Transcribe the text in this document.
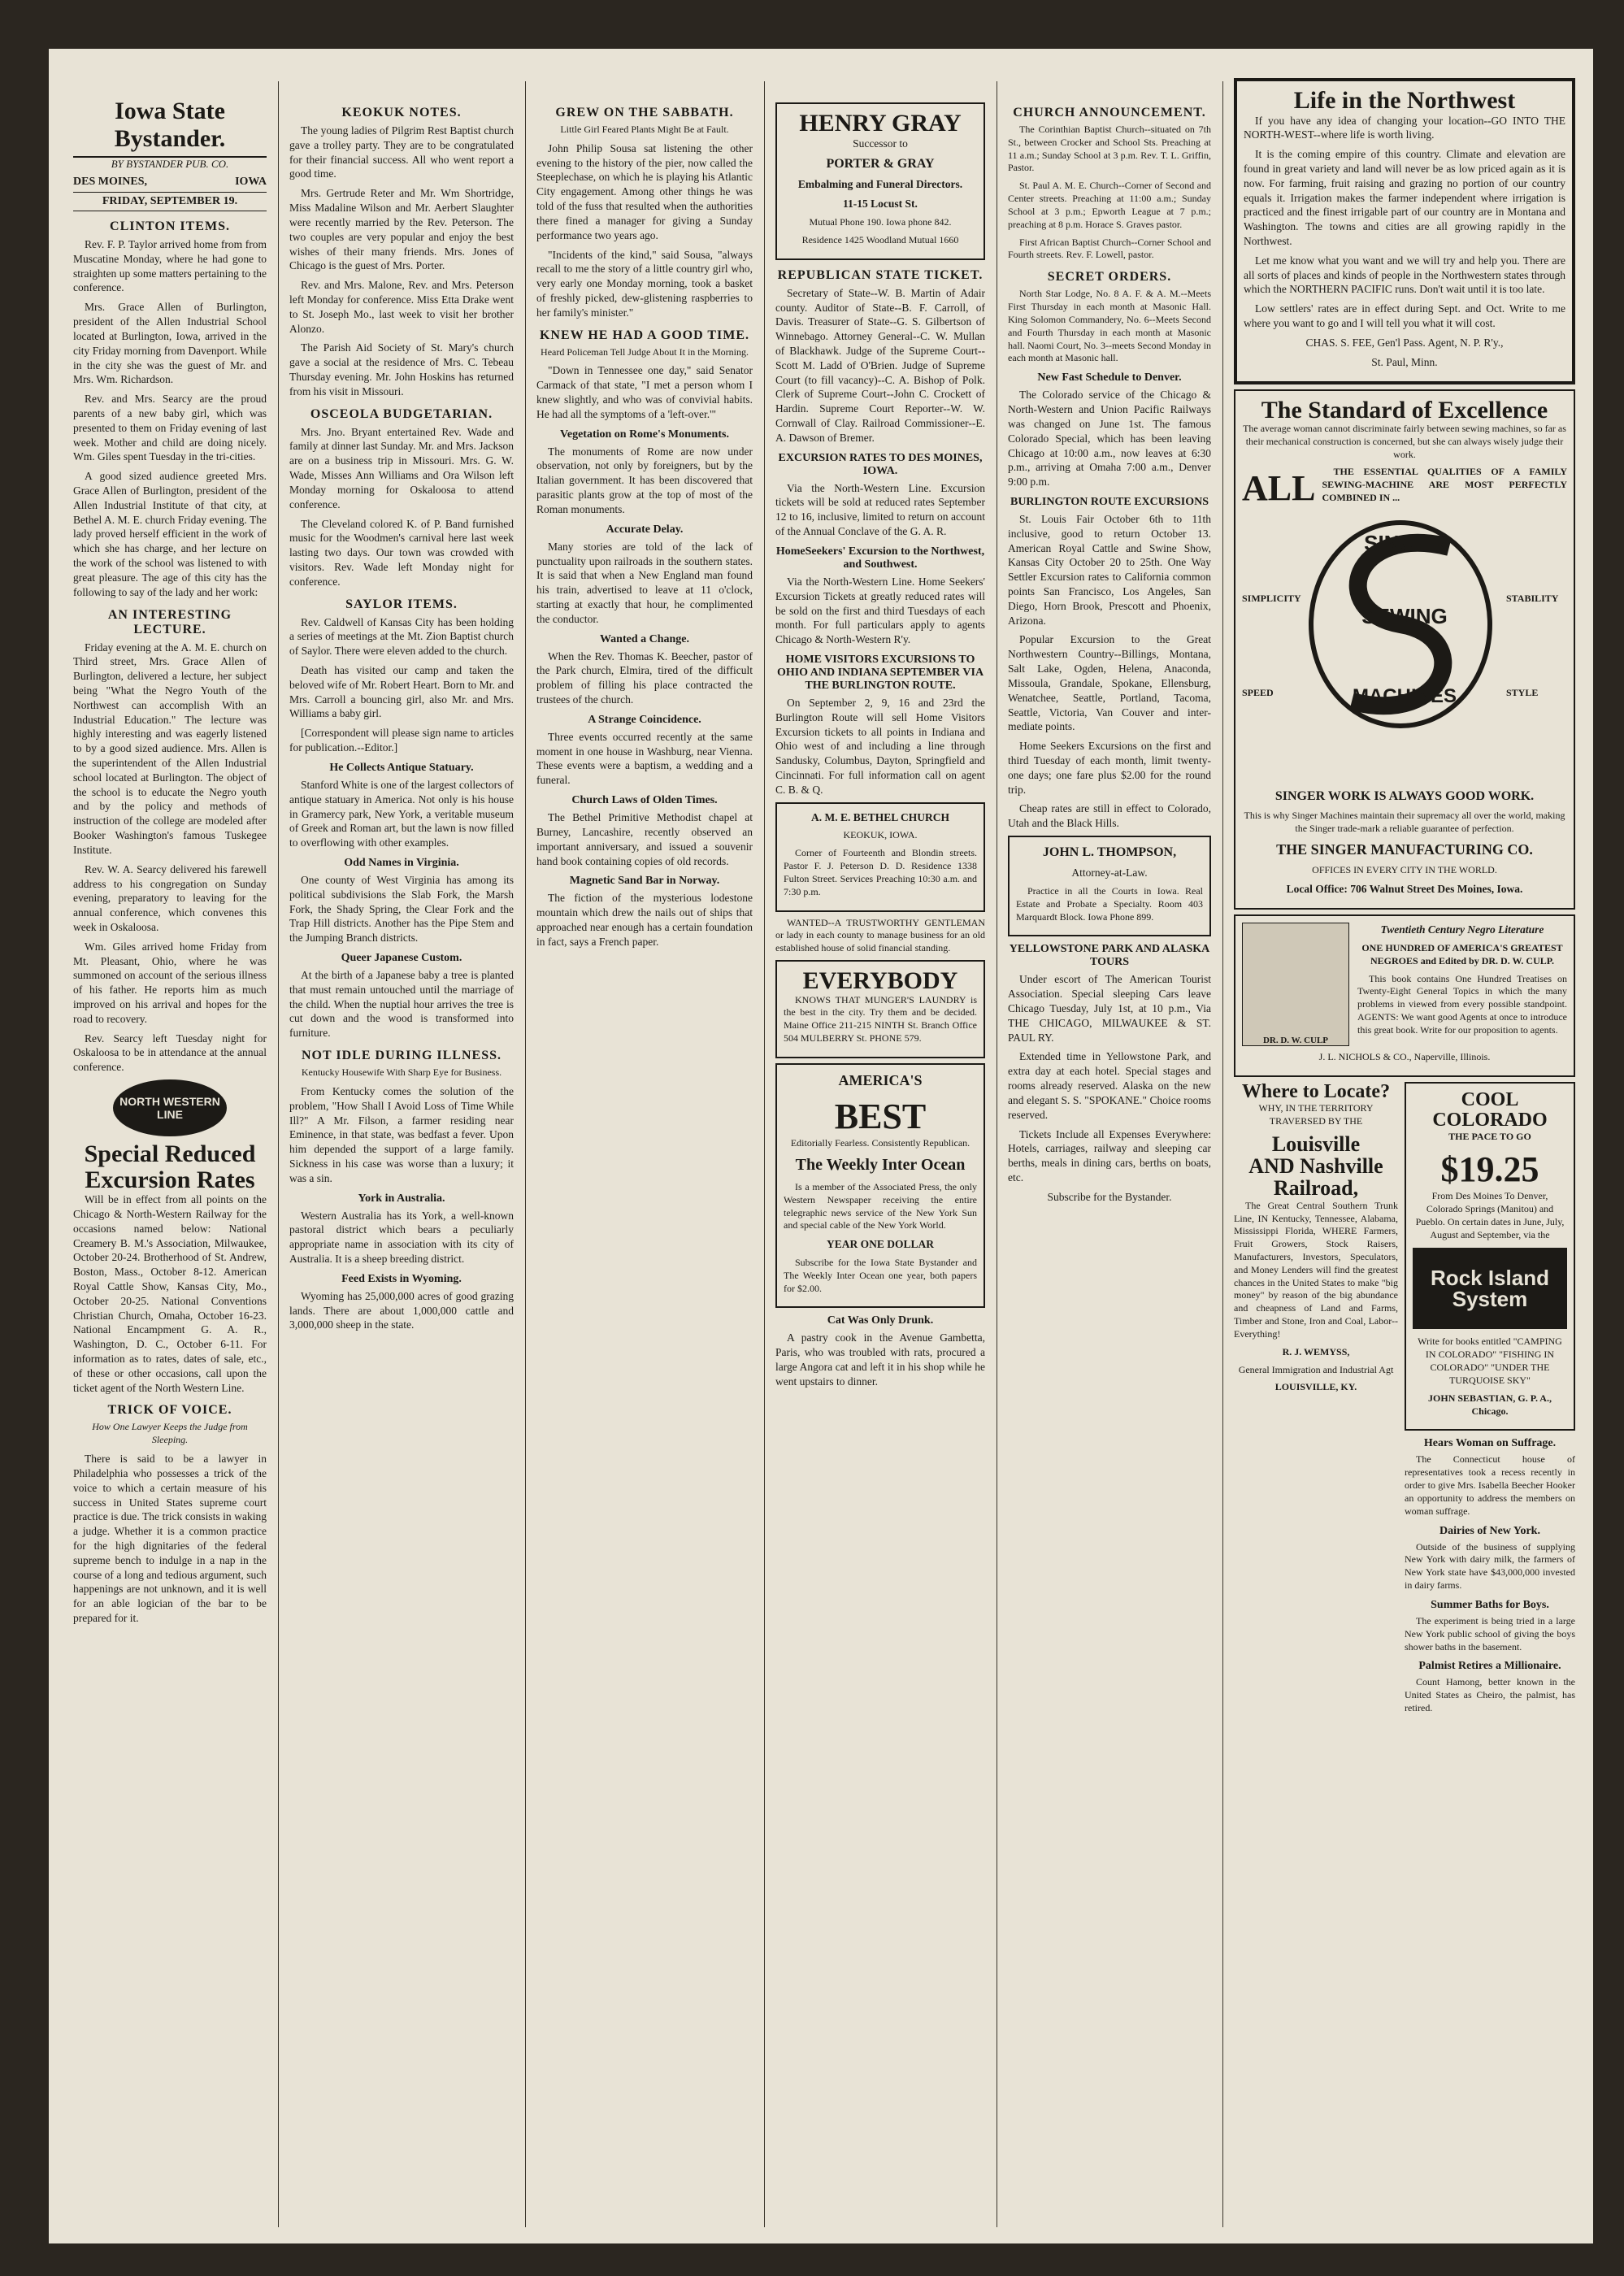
Iowa State Bystander.
BY BYSTANDER PUB. CO.
DES MOINES,	IOWA
FRIDAY, SEPTEMBER 19.
CLINTON ITEMS.

Rev. F. P. Taylor arrived home from from Muscatine Monday, where he had gone to straighten up some matters pertaining to the conference.

Mrs. Grace Allen of Burlington, president of the Allen Industrial School located at Burlington, Iowa, arrived in the city Friday morning from Davenport. While in the city she was the guest of Mr. and Mrs. Wm. Richardson.

Rev. and Mrs. Searcy are the proud parents of a new baby girl, which was presented to them on Friday evening of last week. Mother and child are doing nicely. Wm. Giles spent Tuesday in the tri-cities.

A good sized audience greeted Mrs. Grace Allen of Burlington, president of the Allen Industrial Institute of that city, at Bethel A. M. E. church Friday evening. The lady proved herself efficient in the work of which she has charge, and her lecture on the work of the school was listened to with great pleasure. The age of this city has the following to say of the lady and her work:

AN INTERESTING LECTURE.

Friday evening at the A. M. E. church on Third street, Mrs. Grace Allen of Burlington, delivered a lecture, her subject being "What the Negro Youth of the Northwest can accomplish With an Industrial Education." The lecture was highly interesting and was eagerly listened to by a good sized audience. Mrs. Allen is the superintendent of the Allen Industrial school located at Burlington. The object of the school is to educate the Negro youth and by the policy and methods of instruction of the college are modeled after Booker Washington's famous Tuskegee Institute.

Rev. W. A. Searcy delivered his farewell address to his congregation on Sunday evening, preparatory to leaving for the annual conference, which convenes this week in Oskaloosa.

Wm. Giles arrived home Friday from Mt. Pleasant, Ohio, where he was summoned on account of the serious illness of his father. He reports him as much improved on his arrival and hopes for the road to recovery.

Rev. Searcy left Tuesday night for Oskaloosa to be in attendance at the annual conference.

NORTH WESTERN LINE
Special Reduced Excursion Rates

Will be in effect from all points on the Chicago & North-Western Railway for the occasions named below: National Creamery B. M.'s Association, Milwaukee, October 20-24. Brotherhood of St. Andrew, Boston, Mass., October 8-12. American Royal Cattle Show, Kansas City, Mo., October 20-25. National Conventions Christian Church, Omaha, October 16-23. National Encampment G. A. R., Washington, D. C., October 6-11. For information as to rates, dates of sale, etc., of these or other occasions, call upon the ticket agent of the North Western Line.

TRICK OF VOICE.

How One Lawyer Keeps the Judge from Sleeping.

There is said to be a lawyer in Philadelphia who possesses a trick of the voice to which a certain measure of his success in United States supreme court practice is due. The trick consists in waking a judge. Whether it is a common practice for the high dignitaries of the federal supreme bench to indulge in a nap in the course of a long and tedious argument, such happenings are not unknown, and it is well for an able logician of the bar to be prepared for it.

KEOKUK NOTES.

The young ladies of Pilgrim Rest Baptist church gave a trolley party. They are to be congratulated for their financial success. All who went report a good time.

Mrs. Gertrude Reter and Mr. Wm Shortridge, Miss Madaline Wilson and Mr. Aerbert Slaughter were recently married by the Rev. Peterson. The two couples are very popular and enjoy the best wishes of their many friends. Mrs. Jones of Chicago is the guest of Mrs. Porter.

Rev. and Mrs. Malone, Rev. and Mrs. Peterson left Monday for conference. Miss Etta Drake went to St. Joseph Mo., last week to visit her brother Alonzo.

The Parish Aid Society of St. Mary's church gave a social at the residence of Mrs. C. Tebeau Thursday evening. Mr. John Hoskins has returned from his visit in Missouri.

OSCEOLA BUDGETARIAN.

Mrs. Jno. Bryant entertained Rev. Wade and family at dinner last Sunday. Mr. and Mrs. Jackson are on a business trip in Missouri. Mrs. G. W. Wade, Misses Ann Williams and Ora Wilson left Monday morning for Oskaloosa to attend conference.

The Cleveland colored K. of P. Band furnished music for the Woodmen's carnival here last week lasting two days. Our town was crowded with visitors. Rev. Wade left Monday night for conference.

SAYLOR ITEMS.

Rev. Caldwell of Kansas City has been holding a series of meetings at the Mt. Zion Baptist church of Saylor. There were eleven added to the church.

Death has visited our camp and taken the beloved wife of Mr. Robert Heart. Born to Mr. and Mrs. Carroll a bouncing girl, also Mr. and Mrs. Williams a baby girl.

[Correspondent will please sign name to articles for publication.--Editor.]

He Collects Antique Statuary.

Stanford White is one of the largest collectors of antique statuary in America. Not only is his house in Gramercy park, New York, a veritable museum of Greek and Roman art, but the lawn is now filled to overflowing with other examples.

Odd Names in Virginia.

One county of West Virginia has among its political subdivisions the Slab Fork, the Marsh Fork, the Shady Spring, the Clear Fork and the Trap Hill districts. Another has the Pipe Stem and the Jumping Branch districts.

Queer Japanese Custom.

At the birth of a Japanese baby a tree is planted that must remain untouched until the marriage of the child. When the nuptial hour arrives the tree is cut down and the wood is transformed into furniture.

NOT IDLE DURING ILLNESS.

Kentucky Housewife With Sharp Eye for Business.

From Kentucky comes the solution of the problem, "How Shall I Avoid Loss of Time While Ill?" A Mr. Filson, a farmer residing near Eminence, in that state, was bedfast a fever. Upon him depended the support of a large family. Sickness in his case was worse than a luxury; it was a sin.

York in Australia.

Western Australia has its York, a well-known pastoral district which bears a peculiarly appropriate name in association with its city of Australia. It is a sheep breeding district.

Feed Exists in Wyoming.

Wyoming has 25,000,000 acres of good grazing lands. There are about 1,000,000 cattle and 3,000,000 sheep in the state.

GREW ON THE SABBATH.

Little Girl Feared Plants Might Be at Fault.

John Philip Sousa sat listening the other evening to the history of the pier, now called the Steeplechase, on which he is playing his Atlantic City engagement. Among other things he was told of the fuss that resulted when the authorities there fined a manager for giving a Sunday performance two years ago.

"Incidents of the kind," said Sousa, "always recall to me the story of a little country girl who, very early one Monday morning, took a basket of freshly picked, dew-glistening raspberries to her family's minister."

KNEW HE HAD A GOOD TIME.

Heard Policeman Tell Judge About It in the Morning.

"Down in Tennessee one day," said Senator Carmack of that state, "I met a person whom I knew slightly, and who was of convivial habits. He had all the symptoms of a 'left-over.'"

Vegetation on Rome's Monuments.

The monuments of Rome are now under observation, not only by foreigners, but by the Italian government. It has been discovered that parasitic plants grow at the top of most of the Roman monuments.

Accurate Delay.

Many stories are told of the lack of punctuality upon railroads in the southern states. It is said that when a New England man found his train, advertised to leave at 11 o'clock, starting at exactly that hour, he complimented the conductor.

Wanted a Change.

When the Rev. Thomas K. Beecher, pastor of the Park church, Elmira, tired of the difficult problem of filling his place contracted the trustees of the church.

A Strange Coincidence.

Three events occurred recently at the same moment in one house in Washburg, near Vienna. These events were a baptism, a wedding and a funeral.

Church Laws of Olden Times.

The Bethel Primitive Methodist chapel at Burney, Lancashire, recently observed an important anniversary, and issued a souvenir hand book containing copies of old records.

Magnetic Sand Bar in Norway.

The fiction of the mysterious lodestone mountain which drew the nails out of ships that approached near enough has a certain foundation in fact, says a French paper.

HENRY GRAY

Successor to

PORTER & GRAY

Embalming and Funeral Directors.

11-15 Locust St.

Mutual Phone 190. Iowa phone 842.

Residence 1425 Woodland Mutual 1660

REPUBLICAN STATE TICKET.

Secretary of State--W. B. Martin of Adair county. Auditor of State--B. F. Carroll, of Davis. Treasurer of State--G. S. Gilbertson of Winnebago. Attorney General--C. W. Mullan of Blackhawk. Judge of the Supreme Court--Scott M. Ladd of O'Brien. Judge of Supreme Court (to fill vacancy)--C. A. Bishop of Polk. Clerk of Supreme Court--John C. Crockett of Hardin. Supreme Court Reporter--W. W. Cornwall of Clay. Railroad Commissioner--E. A. Dawson of Bremer.

EXCURSION RATES TO DES MOINES, IOWA.

Via the North-Western Line. Excursion tickets will be sold at reduced rates September 12 to 16, inclusive, limited to return on account of the Annual Conclave of the G. A. R.

HomeSeekers' Excursion to the Northwest, and Southwest.

Via the North-Western Line. Home Seekers' Excursion Tickets at greatly reduced rates will be sold on the first and third Tuesdays of each month. For full particulars apply to agents Chicago & North-Western R'y.

HOME VISITORS EXCURSIONS TO OHIO AND INDIANA SEPTEMBER VIA THE BURLINGTON ROUTE.

On September 2, 9, 16 and 23rd the Burlington Route will sell Home Visitors Excursion tickets to all points in Indiana and Ohio west of and including a line through Sandusky, Columbus, Dayton, Springfield and Cincinnati. For full information call on agent C. B. & Q.

A. M. E. BETHEL CHURCH

KEOKUK, IOWA.

Corner of Fourteenth and Blondin streets. Pastor F. J. Peterson D. D. Residence 1338 Fulton Street. Services Preaching 10:30 a.m. and 7:30 p.m.

WANTED--A TRUSTWORTHY GENTLEMAN or lady in each county to manage business for an old established house of solid financial standing.

EVERYBODY

KNOWS THAT MUNGER'S LAUNDRY is the best in the city. Try them and be decided. Maine Office 211-215 NINTH St. Branch Office 504 MULBERRY St. PHONE 579.

AMERICA'S

BEST

Editorially Fearless. Consistently Republican.

The Weekly Inter Ocean

Is a member of the Associated Press, the only Western Newspaper receiving the entire telegraphic news service of the New York Sun and special cable of the New York World.

YEAR ONE DOLLAR

Subscribe for the Iowa State Bystander and The Weekly Inter Ocean one year, both papers for $2.00.

Cat Was Only Drunk.

A pastry cook in the Avenue Gambetta, Paris, who was troubled with rats, procured a large Angora cat and left it in his shop while he went upstairs to dinner.

CHURCH ANNOUNCEMENT.

The Corinthian Baptist Church--situated on 7th St., between Crocker and School Sts. Preaching at 11 a.m.; Sunday School at 3 p.m. Rev. T. L. Griffin, Pastor.

St. Paul A. M. E. Church--Corner of Second and Center streets. Preaching at 11:00 a.m.; Sunday School at 3 p.m.; Epworth League at 7 p.m.; preaching at 8 p.m. Horace S. Graves pastor.

First African Baptist Church--Corner School and Fourth streets. Rev. F. Lowell, pastor.

SECRET ORDERS.

North Star Lodge, No. 8 A. F. & A. M.--Meets First Thursday in each month at Masonic Hall. King Solomon Commandery, No. 6--Meets Second and Fourth Thursday in each month at Masonic hall. Naomi Court, No. 3--meets Second Monday in each month at Masonic hall.

New Fast Schedule to Denver.

The Colorado service of the Chicago & North-Western and Union Pacific Railways was changed on June 1st. The famous Colorado Special, which has been leaving Chicago at 10:00 a.m., now leaves at 6:30 p.m., arriving at Omaha 7:00 a.m., Denver 9:00 p.m.

BURLINGTON ROUTE EXCURSIONS

St. Louis Fair October 6th to 11th inclusive, good to return October 13. American Royal Cattle and Swine Show, Kansas City October 20 to 25th. One Way Settler Excursion rates to California common points San Francisco, Los Angeles, San Diego, Horn Brook, Prescott and Phoenix, Arizona.

Popular Excursion to the Great Northwestern Country--Billings, Montana, Salt Lake, Ogden, Helena, Anaconda, Missoula, Grandale, Spokane, Ellensburg, Wenatchee, Seattle, Portland, Tacoma, Seattle, Victoria, Van Couver and inter-mediate points.

Home Seekers Excursions on the first and third Tuesday of each month, limit twenty-one days; one fare plus $2.00 for the round trip.

Cheap rates are still in effect to Colorado, Utah and the Black Hills.

JOHN L. THOMPSON,

Attorney-at-Law.

Practice in all the Courts in Iowa. Real Estate and Probate a Specialty. Room 403 Marquardt Block. Iowa Phone 899.

YELLOWSTONE PARK AND ALASKA TOURS

Under escort of The American Tourist Association. Special sleeping Cars leave Chicago Tuesday, July 1st, at 10 p.m., Via THE CHICAGO, MILWAUKEE & ST. PAUL RY.

Extended time in Yellowstone Park, and extra day at each hotel. Special stages and rooms already reserved. Alaska on the new and elegant S. S. "SPOKANE." Choice rooms reserved.

Tickets Include all Expenses Everywhere: Hotels, carriages, railway and sleeping car berths, meals in dining cars, berths on boats, etc.

Subscribe for the Bystander.

Life in the Northwest

If you have any idea of changing your location--GO INTO THE NORTH-WEST--where life is worth living.

It is the coming empire of this country. Climate and elevation are found in great variety and land will never be as low priced again as it is now. For farming, fruit raising and grazing no portion of our country equals it. Irrigation makes the farmer independent where irrigation is practiced and the finest irrigable part of our country are in Montana and Washington. The towns and cities are all growing rapidly in the Northwest.

Let me know what you want and we will try and help you. There are all sorts of places and kinds of people in the Northwestern states through which the NORTHERN PACIFIC runs. Don't wait until it is too late.

Low settlers' rates are in effect during Sept. and Oct. Write to me where you want to go and I will tell you what it will cost.

CHAS. S. FEE, Gen'l Pass. Agent, N. P. R'y.,

St. Paul, Minn.

The Standard of Excellence

The average woman cannot discriminate fairly between sewing machines, so far as their mechanical construction is concerned, but she can always wisely judge their work.

ALL	THE ESSENTIAL QUALITIES OF A FAMILY SEWING-MACHINE ARE MOST PERFECTLY COMBINED IN ...

SIMPLICITY

SPEED

SINGER
SEWING
MACHINES

STABILITY

STYLE

SINGER WORK IS ALWAYS GOOD WORK.

This is why Singer Machines maintain their supremacy all over the world, making the Singer trade-mark a reliable guarantee of perfection.

THE SINGER MANUFACTURING CO.

OFFICES IN EVERY CITY IN THE WORLD.

Local Office: 706 Walnut Street Des Moines, Iowa.

DR. D. W. CULP

Twentieth Century Negro Literature

ONE HUNDRED OF AMERICA'S GREATEST NEGROES and Edited by DR. D. W. CULP.

This book contains One Hundred Treatises on Twenty-Eight General Topics in which the many problems in viewed from every possible standpoint. AGENTS: We want good Agents at once to introduce this great book. Write for our proposition to agents.

J. L. NICHOLS & CO., Naperville, Illinois.

Where to Locate?

WHY, IN THE TERRITORY TRAVERSED BY THE

Louisville
AND Nashville
Railroad,

The Great Central Southern Trunk Line, IN Kentucky, Tennessee, Alabama, Mississippi Florida, WHERE Farmers, Fruit Growers, Stock Raisers, Manufacturers, Investors, Speculators, and Money Lenders will find the greatest chances in the United States to make "big money" by reason of the big abundance and cheapness of Land and Farms, Timber and Stone, Iron and Coal, Labor--Everything!

R. J. WEMYSS,

General Immigration and Industrial Agt

LOUISVILLE, KY.

COOL COLORADO

THE PACE TO GO

$19.25

From Des Moines To Denver, Colorado Springs (Manitou) and Pueblo. On certain dates in June, July, August and September, via the

Rock Island System

Write for books entitled "CAMPING IN COLORADO" "FISHING IN COLORADO" "UNDER THE TURQUOISE SKY"

JOHN SEBASTIAN, G. P. A., Chicago.

Hears Woman on Suffrage.

The Connecticut house of representatives took a recess recently in order to give Mrs. Isabella Beecher Hooker an opportunity to address the members on woman suffrage.

Dairies of New York.

Outside of the business of supplying New York with dairy milk, the farmers of New York state have $43,000,000 invested in dairy farms.

Summer Baths for Boys.

The experiment is being tried in a large New York public school of giving the boys shower baths in the basement.

Palmist Retires a Millionaire.

Count Hamong, better known in the United States as Cheiro, the palmist, has retired.
